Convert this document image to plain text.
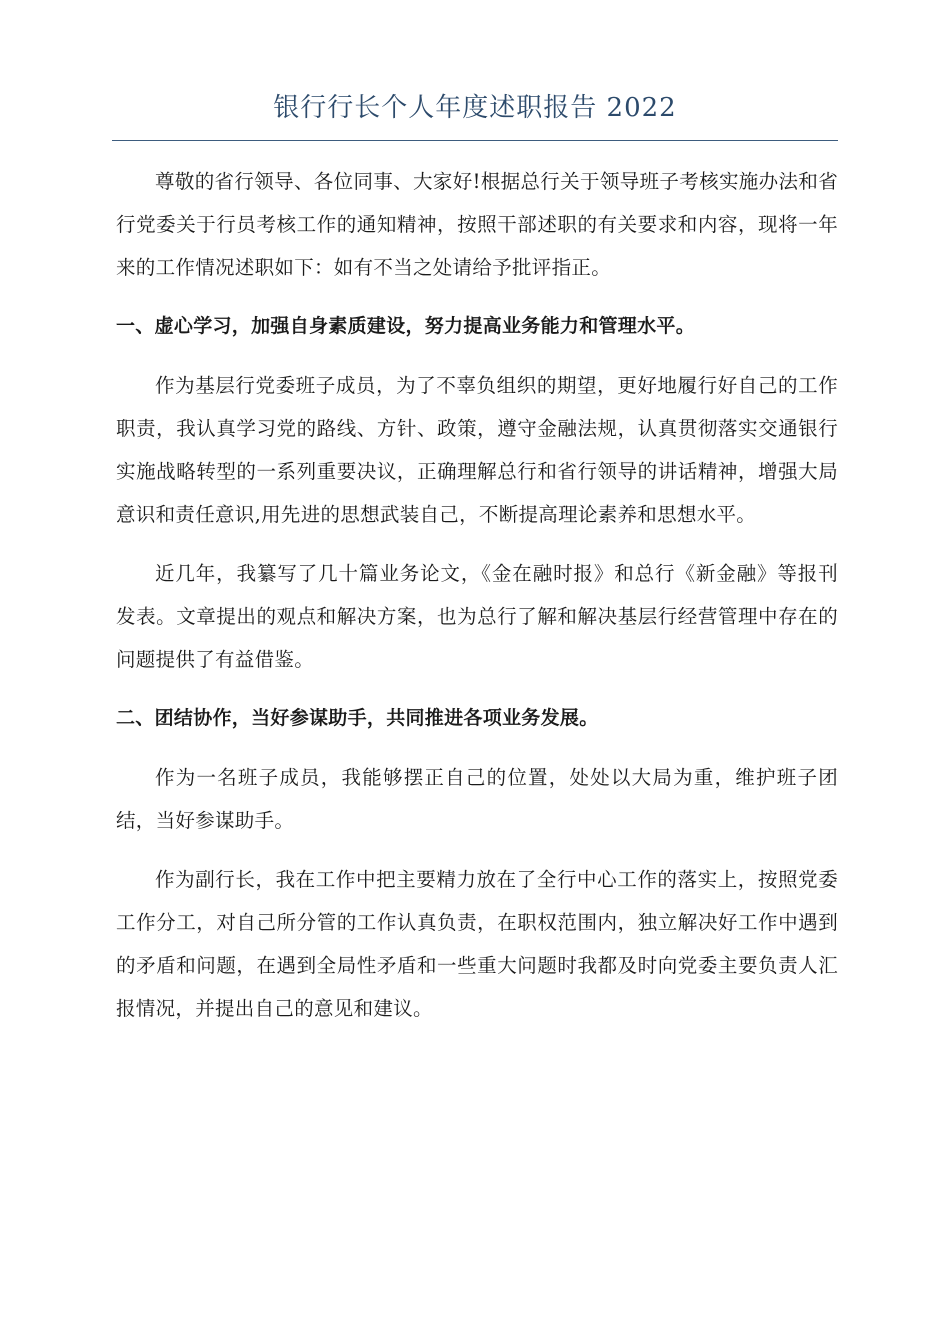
银行行长个人年度述职报告 2022

尊敬的省行领导、各位同事、大家好!根据总行关于领导班子考核实施办法和省行党委关于行员考核工作的通知精神，按照干部述职的有关要求和内容，现将一年来的工作情况述职如下：如有不当之处请给予批评指正。

一、虚心学习，加强自身素质建设，努力提高业务能力和管理水平。

作为基层行党委班子成员，为了不辜负组织的期望，更好地履行好自己的工作职责，我认真学习党的路线、方针、政策，遵守金融法规，认真贯彻落实交通银行实施战略转型的一系列重要决议，正确理解总行和省行领导的讲话精神，增强大局意识和责任意识,用先进的思想武装自己，不断提高理论素养和思想水平。

近几年，我纂写了几十篇业务论文，《金在融时报》和总行《新金融》等报刊发表。文章提出的观点和解决方案，也为总行了解和解决基层行经营管理中存在的问题提供了有益借鉴。

二、团结协作，当好参谋助手，共同推进各项业务发展。

作为一名班子成员，我能够摆正自己的位置，处处以大局为重，维护班子团结，当好参谋助手。

作为副行长，我在工作中把主要精力放在了全行中心工作的落实上，按照党委工作分工，对自己所分管的工作认真负责，在职权范围内，独立解决好工作中遇到的矛盾和问题，在遇到全局性矛盾和一些重大问题时我都及时向党委主要负责人汇报情况，并提出自己的意见和建议。
